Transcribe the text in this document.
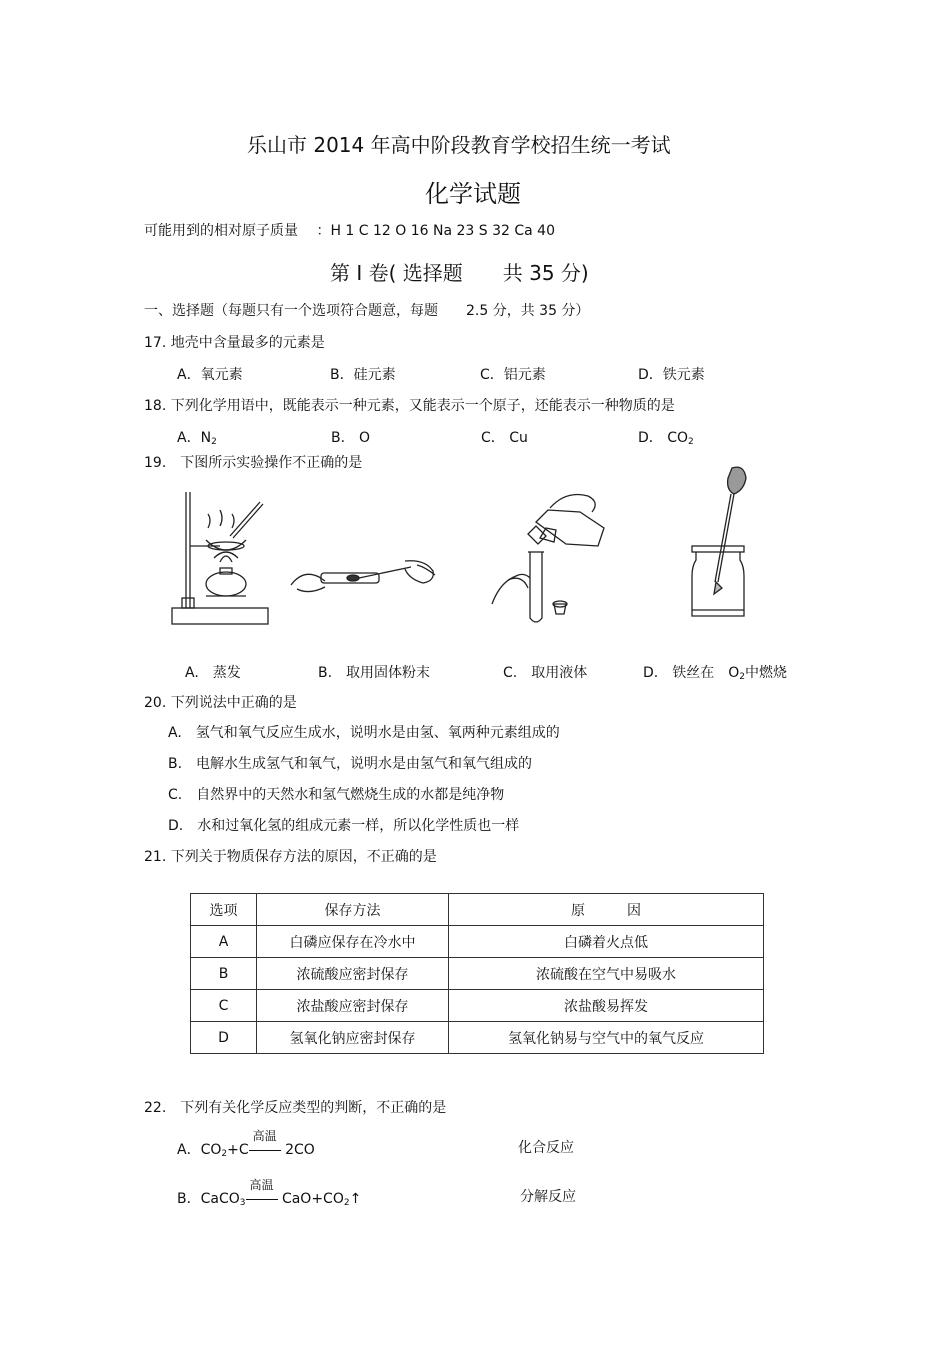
乐山市 2014 年高中阶段教育学校招生统一考试
化学试题
可能用到的相对原子质量 ：H 1 C 12 O 16 Na 23 S 32 Ca 40
第 I 卷( 选择题　　共 35 分)
一、选择题（每题只有一个选项符合题意，每题　　2.5 分，共 35 分）
17. 地壳中含量最多的元素是
A．氧元素	B．硅元素	C．铝元素	D．铁元素
18. 下列化学用语中，既能表示一种元素，又能表示一个原子，还能表示一种物质的是
A．$N_2$	B． O	C． Cu	D． $CO_2$
19.　下图所示实验操作不正确的是
A.　蒸发	B.　取用固体粉末	C.　取用液体	D.　铁丝在　$O_2$中燃烧
20. 下列说法中正确的是
A.　氢气和氧气反应生成水，说明水是由氢、氧两种元素组成的
B.　电解水生成氢气和氧气，说明水是由氢气和氧气组成的
C.　自然界中的天然水和氢气燃烧生成的水都是纯净物
D.　水和过氧化氢的组成元素一样，所以化学性质也一样
21. 下列关于物质保存方法的原因，不正确的是
选项	保存方法	原　　　因
A	白磷应保存在冷水中	白磷着火点低
B	浓硫酸应密封保存	浓硫酸在空气中易吸水
C	浓盐酸应密封保存	浓盐酸易挥发
D	氢氧化钠应密封保存	氢氧化钠易与空气中的氧气反应
22.　下列有关化学反应类型的判断，不正确的是
A．$CO_2+C$
高温
2CO	化合反应
B．CaCO$_3$
高温
$CaO+CO_2↑$	分解反应
